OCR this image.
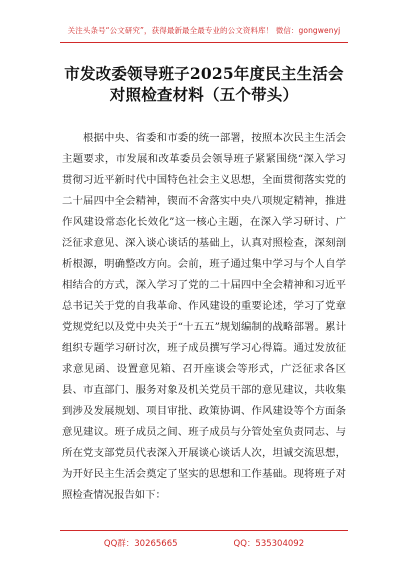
关注头条号“公文研究”，获得最新最全最专业的公文资料库！ 微信：gongwenyj
市发改委领导班子2025年度民主生活会
对照检查材料（五个带头）

根据中央、省委和市委的统一部署，按照本次民主生活会主题要求，市发展和改革委员会领导班子紧紧围绕“深入学习贯彻习近平新时代中国特色社会主义思想，全面贯彻落实党的二十届四中全会精神，锲而不舍落实中央八项规定精神，推进作风建设常态化长效化”这一核心主题，在深入学习研讨、广泛征求意见、深入谈心谈话的基础上，认真对照检查，深刻剖析根源，明确整改方向。会前，班子通过集中学习与个人自学相结合的方式，深入学习了党的二十届四中全会精神和习近平总书记关于党的自我革命、作风建设的重要论述，学习了党章党规党纪以及党中央关于“十五五”规划编制的战略部署。累计组织专题学习研讨次，班子成员撰写学习心得篇。通过发放征求意见函、设置意见箱、召开座谈会等形式，广泛征求各区县、市直部门、服务对象及机关党员干部的意见建议，共收集到涉及发展规划、项目审批、政策协调、作风建设等个方面条意见建议。班子成员之间、班子成员与分管处室负责同志、与所在党支部党员代表深入开展谈心谈话人次，坦诚交流思想，为开好民主生活会奠定了坚实的思想和工作基础。现将班子对照检查情况报告如下：

QQ群：30265665	QQ：535304092
